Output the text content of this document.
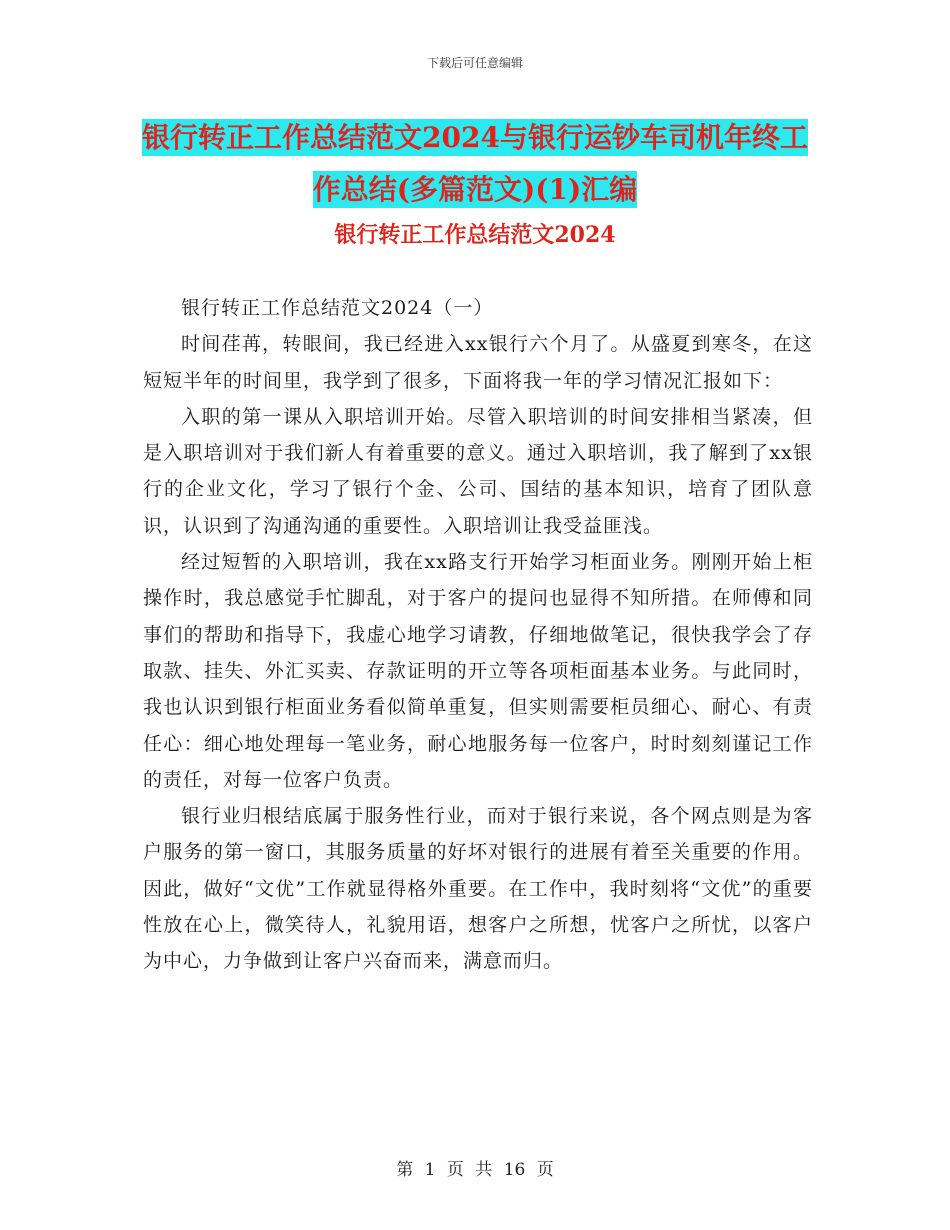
下载后可任意编辑
银行转正工作总结范文2024与银行运钞车司机年终工
作总结(多篇范文)(1)汇编
银行转正工作总结范文2024

银行转正工作总结范文2024（一）

时间荏苒，转眼间，我已经进入xx银行六个月了。从盛夏到寒冬，在这短短半年的时间里，我学到了很多，下面将我一年的学习情况汇报如下：

入职的第一课从入职培训开始。尽管入职培训的时间安排相当紧凑，但是入职培训对于我们新人有着重要的意义。通过入职培训，我了解到了xx银行的企业文化，学习了银行个金、公司、国结的基本知识，培育了团队意识，认识到了沟通沟通的重要性。入职培训让我受益匪浅。

经过短暂的入职培训，我在xx路支行开始学习柜面业务。刚刚开始上柜操作时，我总感觉手忙脚乱，对于客户的提问也显得不知所措。在师傅和同事们的帮助和指导下，我虚心地学习请教，仔细地做笔记，很快我学会了存取款、挂失、外汇买卖、存款证明的开立等各项柜面基本业务。与此同时，我也认识到银行柜面业务看似简单重复，但实则需要柜员细心、耐心、有责任心：细心地处理每一笔业务，耐心地服务每一位客户，时时刻刻谨记工作的责任，对每一位客户负责。

银行业归根结底属于服务性行业，而对于银行来说，各个网点则是为客户服务的第一窗口，其服务质量的好坏对银行的进展有着至关重要的作用。因此，做好“文优”工作就显得格外重要。在工作中，我时刻将“文优”的重要性放在心上，微笑待人，礼貌用语，想客户之所想，忧客户之所忧，以客户为中心，力争做到让客户兴奋而来，满意而归。

第 1 页 共 16 页
